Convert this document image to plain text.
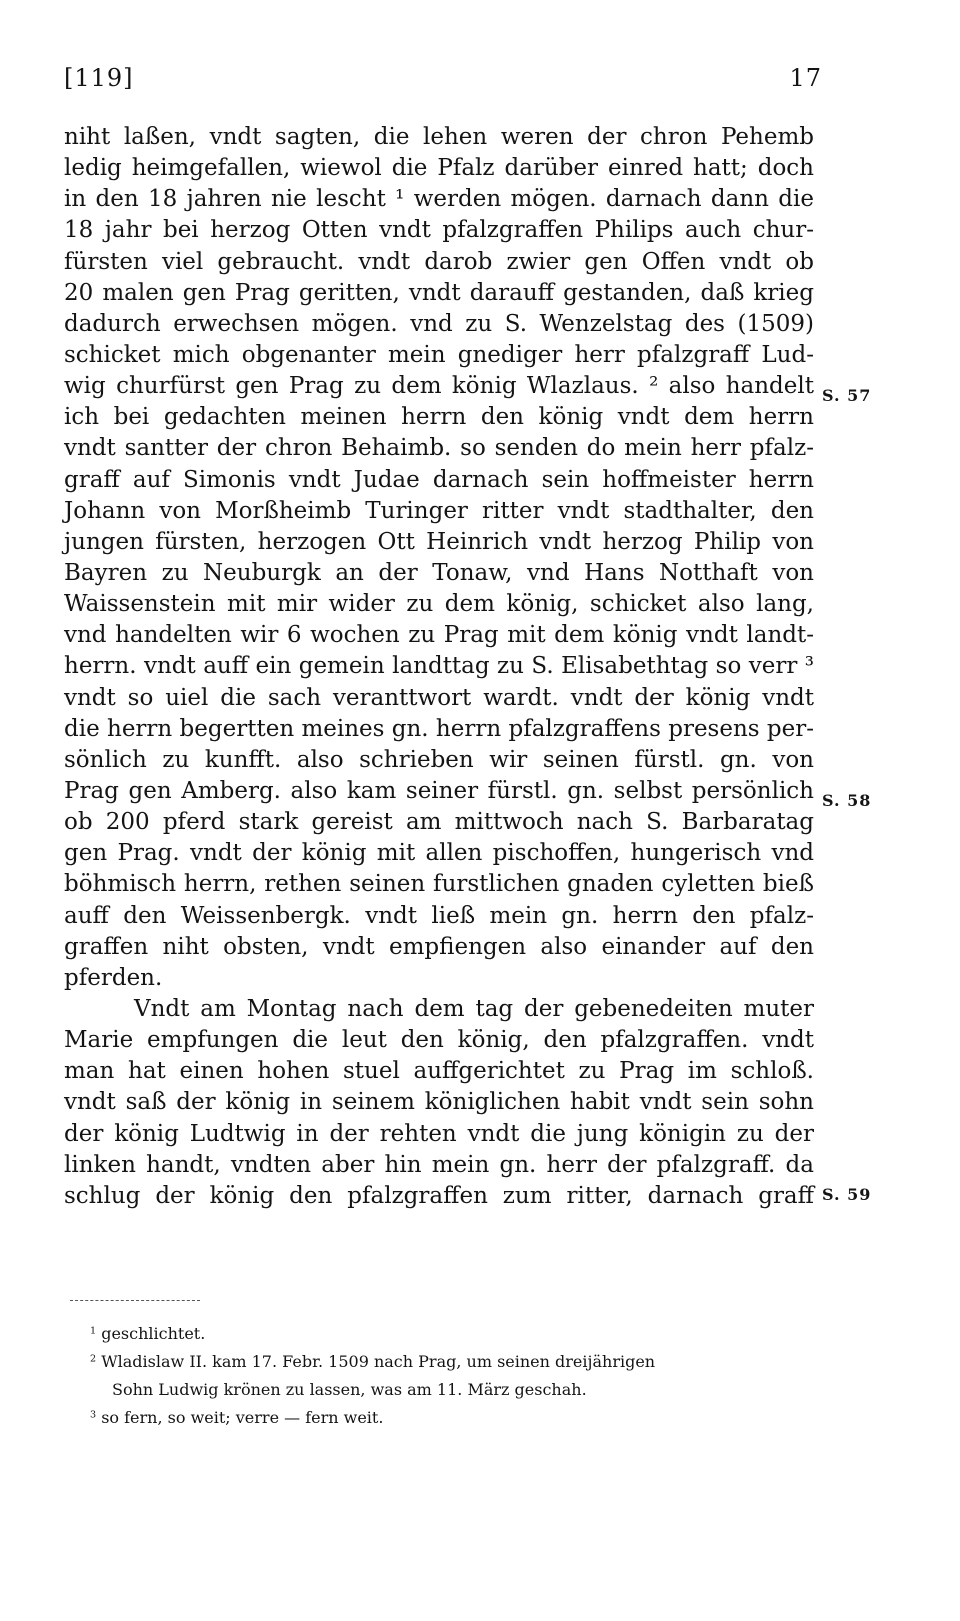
[119]	17
niht laßen, vndt sagten, die lehen weren der chron Pehemb
ledig heimgefallen, wiewol die Pfalz darüber einred hatt; doch
in den 18 jahren nie lescht ¹ werden mögen. darnach dann die
18 jahr bei herzog Otten vndt pfalzgraffen Philips auch chur-
fürsten viel gebraucht. vndt darob zwier gen Offen vndt ob
20 malen gen Prag geritten, vndt darauff gestanden, daß krieg
dadurch erwechsen mögen. vnd zu S. Wenzelstag des (1509)
schicket mich obgenanter mein gnediger herr pfalzgraff Lud-
wig churfürst gen Prag zu dem könig Wlazlaus. ² also handelt
ich bei gedachten meinen herrn den könig vndt dem herrn
vndt santter der chron Behaimb. so senden do mein herr pfalz-
graff auf Simonis vndt Judae darnach sein hoffmeister herrn
Johann von Morßheimb Turinger ritter vndt stadthalter, den
jungen fürsten, herzogen Ott Heinrich vndt herzog Philip von
Bayren zu Neuburgk an der Tonaw, vnd Hans Notthaft von
Waissenstein mit mir wider zu dem könig, schicket also lang,
vnd handelten wir 6 wochen zu Prag mit dem könig vndt landt-
herrn. vndt auff ein gemein landttag zu S. Elisabethtag so verr ³
vndt so uiel die sach veranttwort wardt. vndt der könig vndt
die herrn begertten meines gn. herrn pfalzgraffens presens per-
sönlich zu kunfft. also schrieben wir seinen fürstl. gn. von
Prag gen Amberg. also kam seiner fürstl. gn. selbst persönlich
ob 200 pferd stark gereist am mittwoch nach S. Barbaratag
gen Prag. vndt der könig mit allen pischoffen, hungerisch vnd
böhmisch herrn, rethen seinen furstlichen gnaden cyletten bieß
auff den Weissenbergk. vndt ließ mein gn. herrn den pfalz-
graffen niht obsten, vndt empfiengen also einander auf den
pferden.
Vndt am Montag nach dem tag der gebenedeiten muter
Marie empfungen die leut den könig, den pfalzgraffen. vndt
man hat einen hohen stuel auffgerichtet zu Prag im schloß.
vndt saß der könig in seinem königlichen habit vndt sein sohn
der könig Ludtwig in der rehten vndt die jung königin zu der
linken handt, vndten aber hin mein gn. herr der pfalzgraff. da
schlug der könig den pfalzgraffen zum ritter, darnach graff
S. 57
S. 58
S. 59
$^1$ geschlichtet.
$^2$ Wladislaw II. kam 17. Febr. 1509 nach Prag, um seinen dreijährigen
Sohn Ludwig krönen zu lassen, was am 11. März geschah.
$^3$ so fern, so weit; verre — fern weit.
